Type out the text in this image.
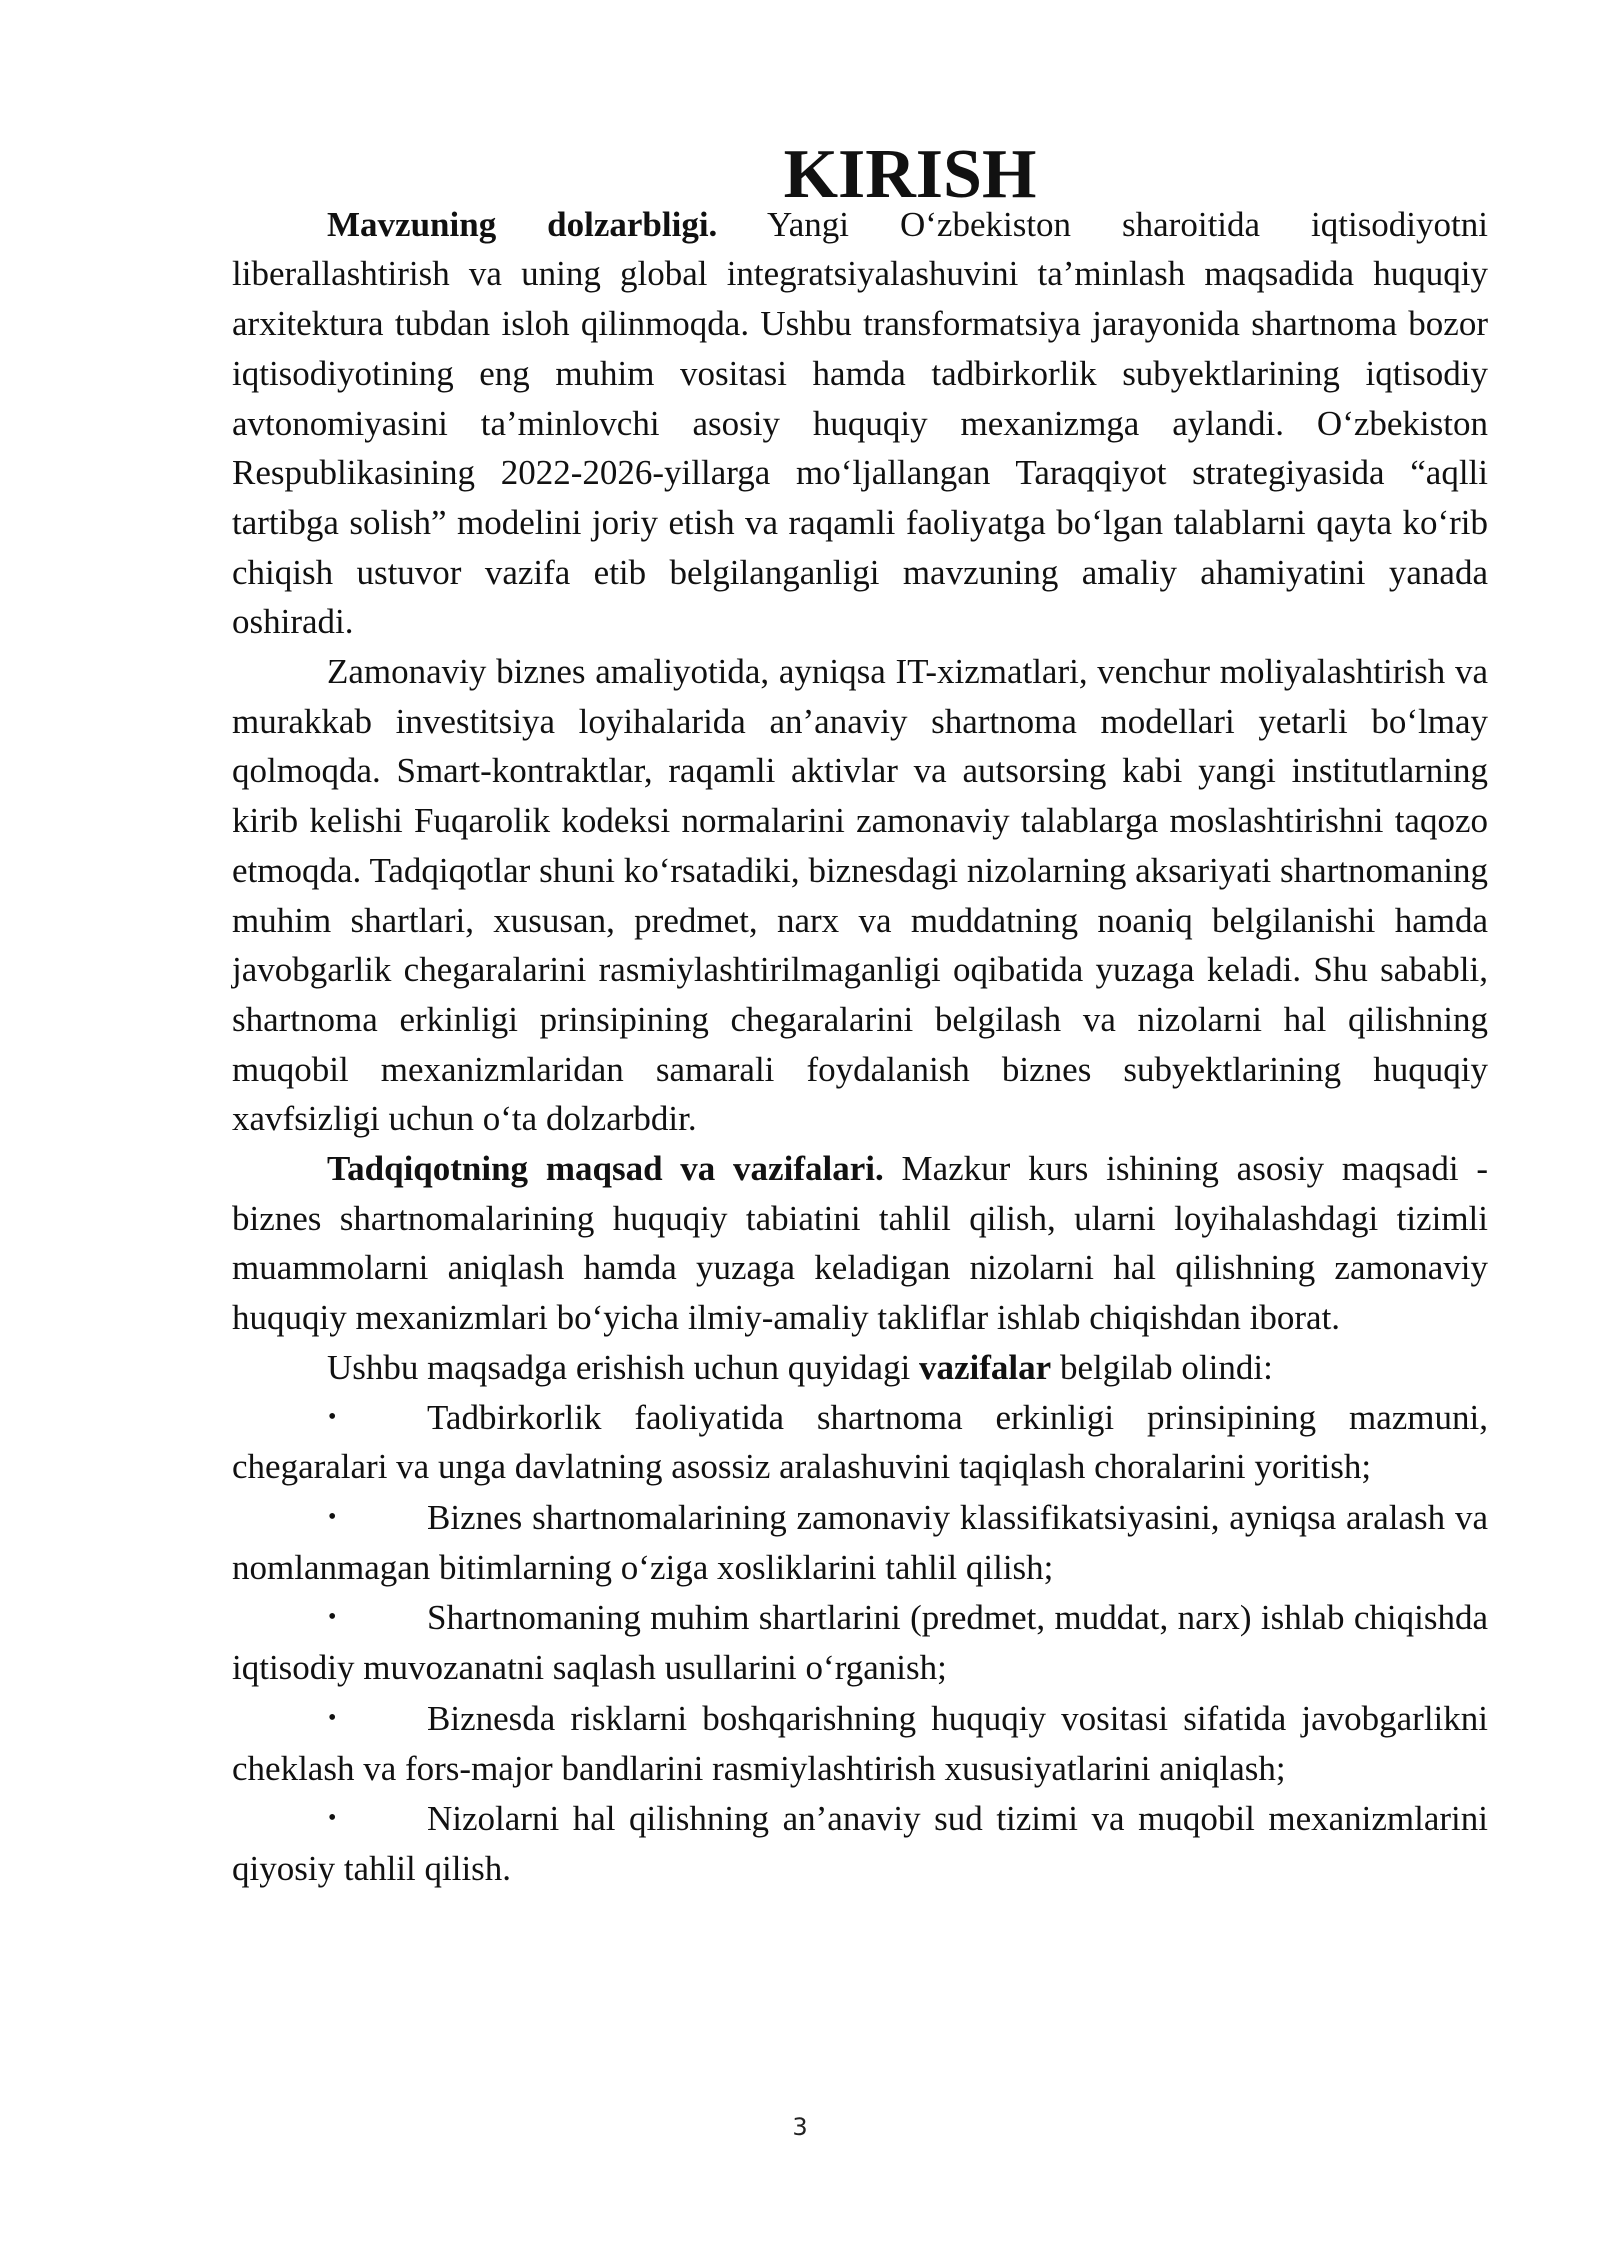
KIRISH

Mavzuning dolzarbligi. Yangi O‘zbekiston sharoitida iqtisodiyotni liberallashtirish va uning global integratsiyalashuvini ta’minlash maqsadida huquqiy arxitektura tubdan isloh qilinmoqda. Ushbu transformatsiya jarayonida shartnoma bozor iqtisodiyotining eng muhim vositasi hamda tadbirkorlik subyektlarining iqtisodiy avtonomiyasini ta’minlovchi asosiy huquqiy mexanizmga aylandi. O‘zbekiston Respublikasining 2022-2026-yillarga mo‘ljallangan Taraqqiyot strategiyasida “aqlli tartibga solish” modelini joriy etish va raqamli faoliyatga bo‘lgan talablarni qayta ko‘rib chiqish ustuvor vazifa etib belgilanganligi mavzuning amaliy ahamiyatini yanada oshiradi.

Zamonaviy biznes amaliyotida, ayniqsa IT-xizmatlari, venchur moliyalashtirish va murakkab investitsiya loyihalarida an’anaviy shartnoma modellari yetarli bo‘lmay qolmoqda. Smart-kontraktlar, raqamli aktivlar va autsorsing kabi yangi institutlarning kirib kelishi Fuqarolik kodeksi normalarini zamonaviy talablarga moslashtirishni taqozo etmoqda. Tadqiqotlar shuni ko‘rsatadiki, biznesdagi nizolarning aksariyati shartnomaning muhim shartlari, xususan, predmet, narx va muddatning noaniq belgilanishi hamda javobgarlik chegaralarini rasmiylashtirilmaganligi oqibatida yuzaga keladi. Shu sababli, shartnoma erkinligi prinsipining chegaralarini belgilash va nizolarni hal qilishning muqobil mexanizmlaridan samarali foydalanish biznes subyektlarining huquqiy xavfsizligi uchun o‘ta dolzarbdir.

Tadqiqotning maqsad va vazifalari. Mazkur kurs ishining asosiy maqsadi - biznes shartnomalarining huquqiy tabiatini tahlil qilish, ularni loyihalashdagi tizimli muammolarni aniqlash hamda yuzaga keladigan nizolarni hal qilishning zamonaviy huquqiy mexanizmlari bo‘yicha ilmiy-amaliy takliflar ishlab chiqishdan iborat.

Ushbu maqsadga erishish uchun quyidagi vazifalar belgilab olindi:

•	Tadbirkorlik faoliyatida shartnoma erkinligi prinsipining mazmuni, chegaralari va unga davlatning asossiz aralashuvini taqiqlash choralarini yoritish;
•	Biznes shartnomalarining zamonaviy klassifikatsiyasini, ayniqsa aralash va nomlanmagan bitimlarning o‘ziga xosliklarini tahlil qilish;
•	Shartnomaning muhim shartlarini (predmet, muddat, narx) ishlab chiqishda iqtisodiy muvozanatni saqlash usullarini o‘rganish;
•	Biznesda risklarni boshqarishning huquqiy vositasi sifatida javobgarlikni cheklash va fors-major bandlarini rasmiylashtirish xususiyatlarini aniqlash;
•	Nizolarni hal qilishning an’anaviy sud tizimi va muqobil mexanizmlarini qiyosiy tahlil qilish.
3
